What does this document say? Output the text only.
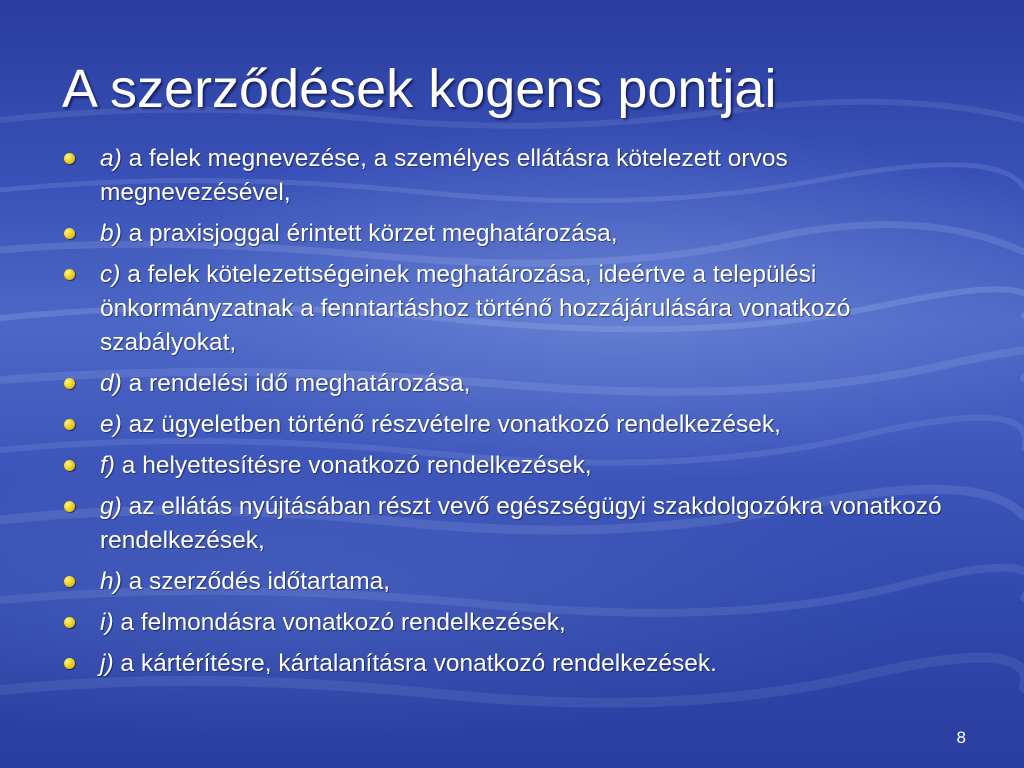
A szerződések kogens pontjai
a) a felek megnevezése, a személyes ellátásra kötelezett orvos megnevezésével,
b) a praxisjoggal érintett körzet meghatározása,
c) a felek kötelezettségeinek meghatározása, ideértve a települési önkormányzatnak a fenntartáshoz történő hozzájárulására vonatkozó szabályokat,
d) a rendelési idő meghatározása,
e) az ügyeletben történő részvételre vonatkozó rendelkezések,
f) a helyettesítésre vonatkozó rendelkezések,
g) az ellátás nyújtásában részt vevő egészségügyi szakdolgozókra vonatkozó rendelkezések,
h) a szerződés időtartama,
i) a felmondásra vonatkozó rendelkezések,
j) a kártérítésre, kártalanításra vonatkozó rendelkezések.
8
